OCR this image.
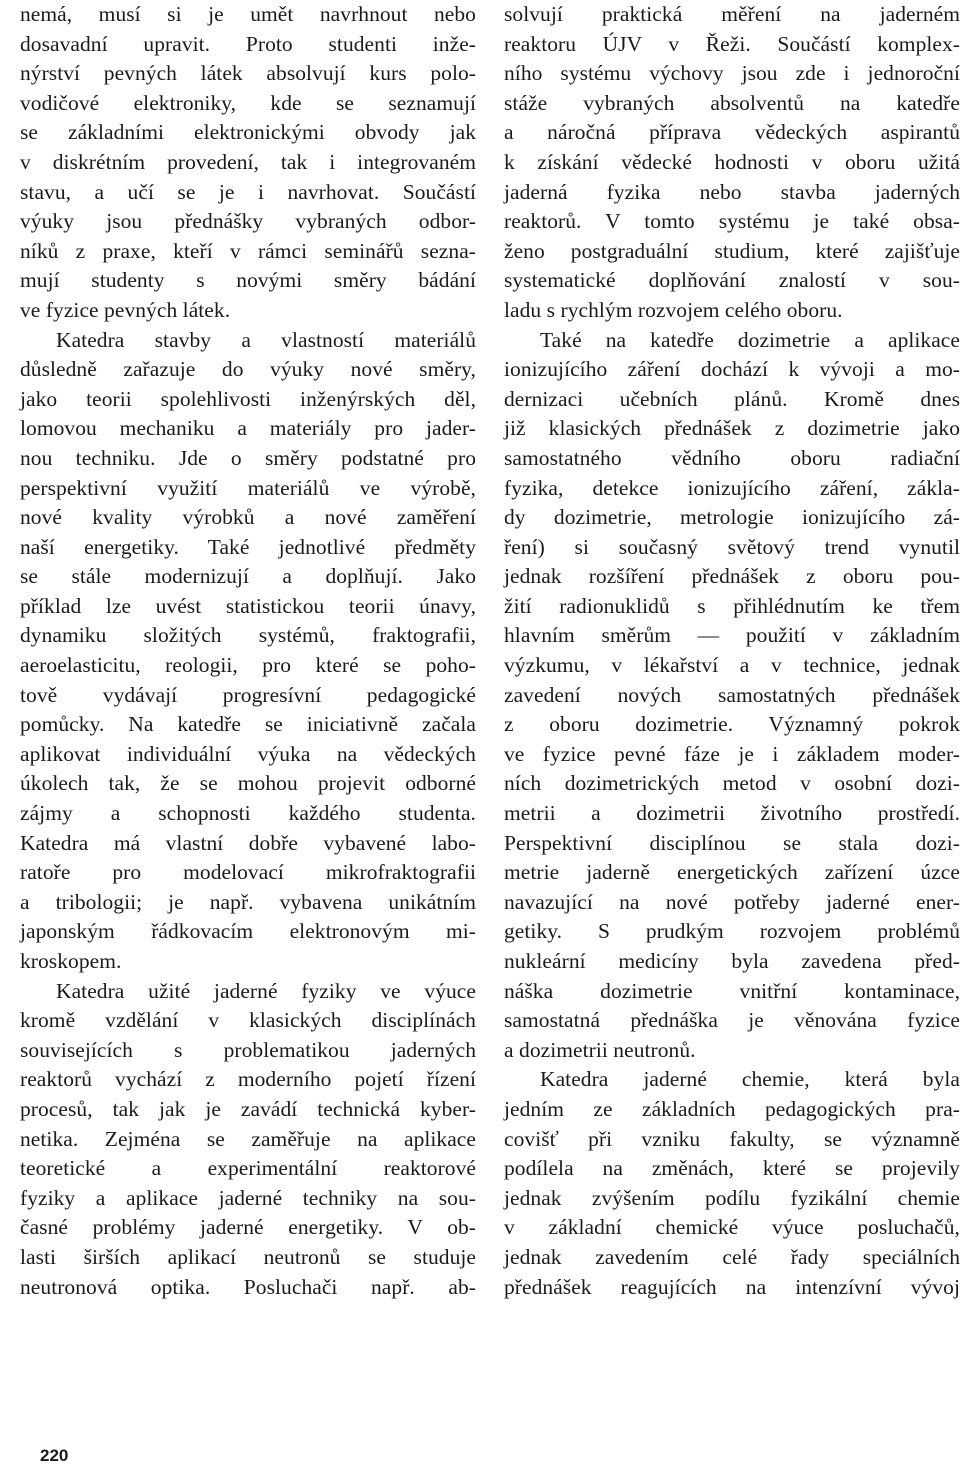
nemá, musí si je umět navrhnout nebo
dosavadní upravit. Proto studenti inže-
nýrství pevných látek absolvují kurs polo-
vodičové elektroniky, kde se seznamují
se základními elektronickými obvody jak
v diskrétním provedení, tak i integrovaném
stavu, a učí se je i navrhovat. Součástí
výuky jsou přednášky vybraných odbor-
níků z praxe, kteří v rámci seminářů sezna-
mují studenty s novými směry bádání
ve fyzice pevných látek.
Katedra stavby a vlastností materiálů
důsledně zařazuje do výuky nové směry,
jako teorii spolehlivosti inženýrských děl,
lomovou mechaniku a materiály pro jader-
nou techniku. Jde o směry podstatné pro
perspektivní využití materiálů ve výrobě,
nové kvality výrobků a nové zaměření
naší energetiky. Také jednotlivé předměty
se stále modernizují a doplňují. Jako
příklad lze uvést statistickou teorii únavy,
dynamiku složitých systémů, fraktografii,
aeroelasticitu, reologii, pro které se poho-
tově vydávají progresívní pedagogické
pomůcky. Na katedře se iniciativně začala
aplikovat individuální výuka na vědeckých
úkolech tak, že se mohou projevit odborné
zájmy a schopnosti každého studenta.
Katedra má vlastní dobře vybavené labo-
ratoře pro modelovací mikrofraktografii
a tribologii; je např. vybavena unikátním
japonským řádkovacím elektronovým mi-
kroskopem.
Katedra užité jaderné fyziky ve výuce
kromě vzdělání v klasických disciplínách
souvisejících s problematikou jaderných
reaktorů vychází z moderního pojetí řízení
procesů, tak jak je zavádí technická kyber-
netika. Zejména se zaměřuje na aplikace
teoretické a experimentální reaktorové
fyziky a aplikace jaderné techniky na sou-
časné problémy jaderné energetiky. V ob-
lasti širších aplikací neutronů se studuje
neutronová optika. Posluchači např. ab-
solvují praktická měření na jaderném
reaktoru ÚJV v Řeži. Součástí komplex-
ního systému výchovy jsou zde i jednoroční
stáže vybraných absolventů na katedře
a náročná příprava vědeckých aspirantů
k získání vědecké hodnosti v oboru užitá
jaderná fyzika nebo stavba jaderných
reaktorů. V tomto systému je také obsa-
ženo postgraduální studium, které zajišťuje
systematické doplňování znalostí v sou-
ladu s rychlým rozvojem celého oboru.
Také na katedře dozimetrie a aplikace
ionizujícího záření dochází k vývoji a mo-
dernizaci učebních plánů. Kromě dnes
již klasických přednášek z dozimetrie jako
samostatného vědního oboru radiační
fyzika, detekce ionizujícího záření, zákla-
dy dozimetrie, metrologie ionizujícího zá-
ření) si současný světový trend vynutil
jednak rozšíření přednášek z oboru pou-
žití radionuklidů s přihlédnutím ke třem
hlavním směrům — použití v základním
výzkumu, v lékařství a v technice, jednak
zavedení nových samostatných přednášek
z oboru dozimetrie. Významný pokrok
ve fyzice pevné fáze je i základem moder-
ních dozimetrických metod v osobní dozi-
metrii a dozimetrii životního prostředí.
Perspektivní disciplínou se stala dozi-
metrie jaderně energetických zařízení úzce
navazující na nové potřeby jaderné ener-
getiky. S prudkým rozvojem problémů
nukleární medicíny byla zavedena před-
náška dozimetrie vnitřní kontaminace,
samostatná přednáška je věnována fyzice
a dozimetrii neutronů.
Katedra jaderné chemie, která byla
jedním ze základních pedagogických pra-
covišť při vzniku fakulty, se významně
podílela na změnách, které se projevily
jednak zvýšením podílu fyzikální chemie
v základní chemické výuce posluchačů,
jednak zavedením celé řady speciálních
přednášek reagujících na intenzívní vývoj
220
